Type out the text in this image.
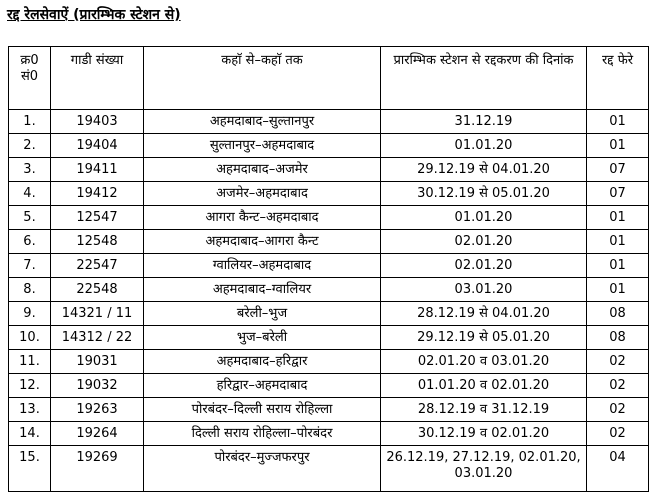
रद्द रेलसेवाऐं (प्रारम्भिक स्टेशन से)
क्र0 सं0	गाडी संख्या	कहाॅ से–कहाॅ तक	प्रारम्भिक स्टेशन से रद्दकरण की दिनांक	रद्द फेरे
1.	19403	अहमदाबाद–सुल्तानपुर	31.12.19	01
2.	19404	सुल्तानपुर–अहमदाबाद	01.01.20	01
3.	19411	अहमदाबाद–अजमेर	29.12.19 से 04.01.20	07
4.	19412	अजमेर–अहमदाबाद	30.12.19 से 05.01.20	07
5.	12547	आगरा कैन्ट–अहमदाबाद	01.01.20	01
6.	12548	अहमदाबाद–आगरा कैन्ट	02.01.20	01
7.	22547	ग्वालियर–अहमदाबाद	02.01.20	01
8.	22548	अहमदाबाद–ग्वालियर	03.01.20	01
9.	14321 / 11	बरेली–भुज	28.12.19 से 04.01.20	08
10.	14312 / 22	भुज–बरेली	29.12.19 से 05.01.20	08
11.	19031	अहमदाबाद–हरिद्वार	02.01.20 व 03.01.20	02
12.	19032	हरिद्वार–अहमदाबाद	01.01.20 व 02.01.20	02
13.	19263	पोरबंदर–दिल्ली सराय रोहिल्ला	28.12.19 व 31.12.19	02
14.	19264	दिल्ली सराय रोहिल्ला–पोरबंदर	30.12.19 व 02.01.20	02
15.	19269	पोरबंदर–मुज्जफरपुर	26.12.19, 27.12.19, 02.01.20, 03.01.20	04
